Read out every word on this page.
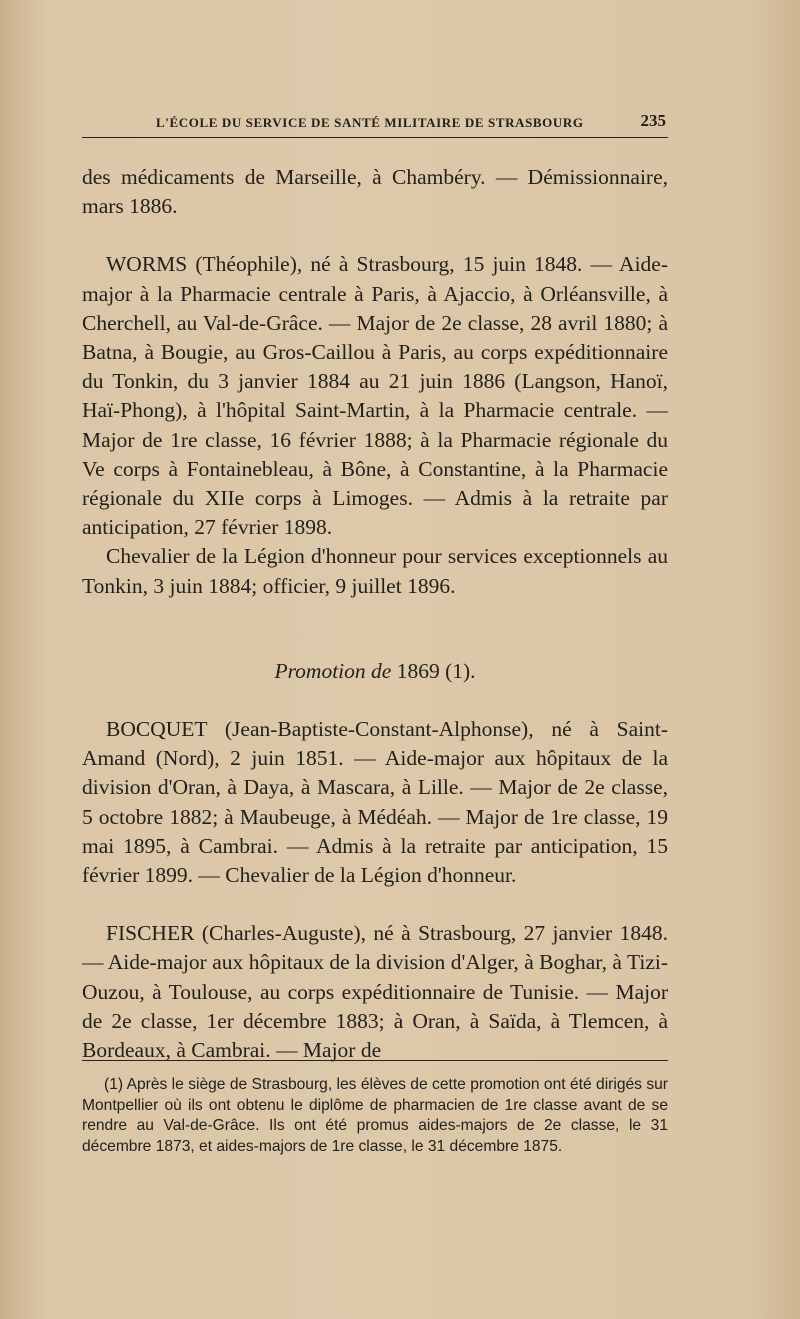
L'ÉCOLE DU SERVICE DE SANTÉ MILITAIRE DE STRASBOURG	235

des médicaments de Marseille, à Chambéry. — Démissionnaire, mars 1886.

WORMS (Théophile), né à Strasbourg, 15 juin 1848. — Aide-major à la Pharmacie centrale à Paris, à Ajaccio, à Orléansville, à Cherchell, au Val-de-Grâce. — Major de 2e classe, 28 avril 1880; à Batna, à Bougie, au Gros-Caillou à Paris, au corps expéditionnaire du Tonkin, du 3 janvier 1884 au 21 juin 1886 (Langson, Hanoï, Haï-Phong), à l'hôpital Saint-Martin, à la Pharmacie centrale. — Major de 1re classe, 16 février 1888; à la Pharmacie régionale du Ve corps à Fontainebleau, à Bône, à Constantine, à la Pharmacie régionale du XIIe corps à Limoges. — Admis à la retraite par anticipation, 27 février 1898.

Chevalier de la Légion d'honneur pour services exceptionnels au Tonkin, 3 juin 1884; officier, 9 juillet 1896.

Promotion de 1869 (1).

BOCQUET (Jean-Baptiste-Constant-Alphonse), né à Saint-Amand (Nord), 2 juin 1851. — Aide-major aux hôpitaux de la division d'Oran, à Daya, à Mascara, à Lille. — Major de 2e classe, 5 octobre 1882; à Maubeuge, à Médéah. — Major de 1re classe, 19 mai 1895, à Cambrai. — Admis à la retraite par anticipation, 15 février 1899. — Chevalier de la Légion d'honneur.

FISCHER (Charles-Auguste), né à Strasbourg, 27 janvier 1848. — Aide-major aux hôpitaux de la division d'Alger, à Boghar, à Tizi-Ouzou, à Toulouse, au corps expéditionnaire de Tunisie. — Major de 2e classe, 1er décembre 1883; à Oran, à Saïda, à Tlemcen, à Bordeaux, à Cambrai. — Major de

(1) Après le siège de Strasbourg, les élèves de cette promotion ont été dirigés sur Montpellier où ils ont obtenu le diplôme de pharmacien de 1re classe avant de se rendre au Val-de-Grâce. Ils ont été promus aides-majors de 2e classe, le 31 décembre 1873, et aides-majors de 1re classe, le 31 décembre 1875.
